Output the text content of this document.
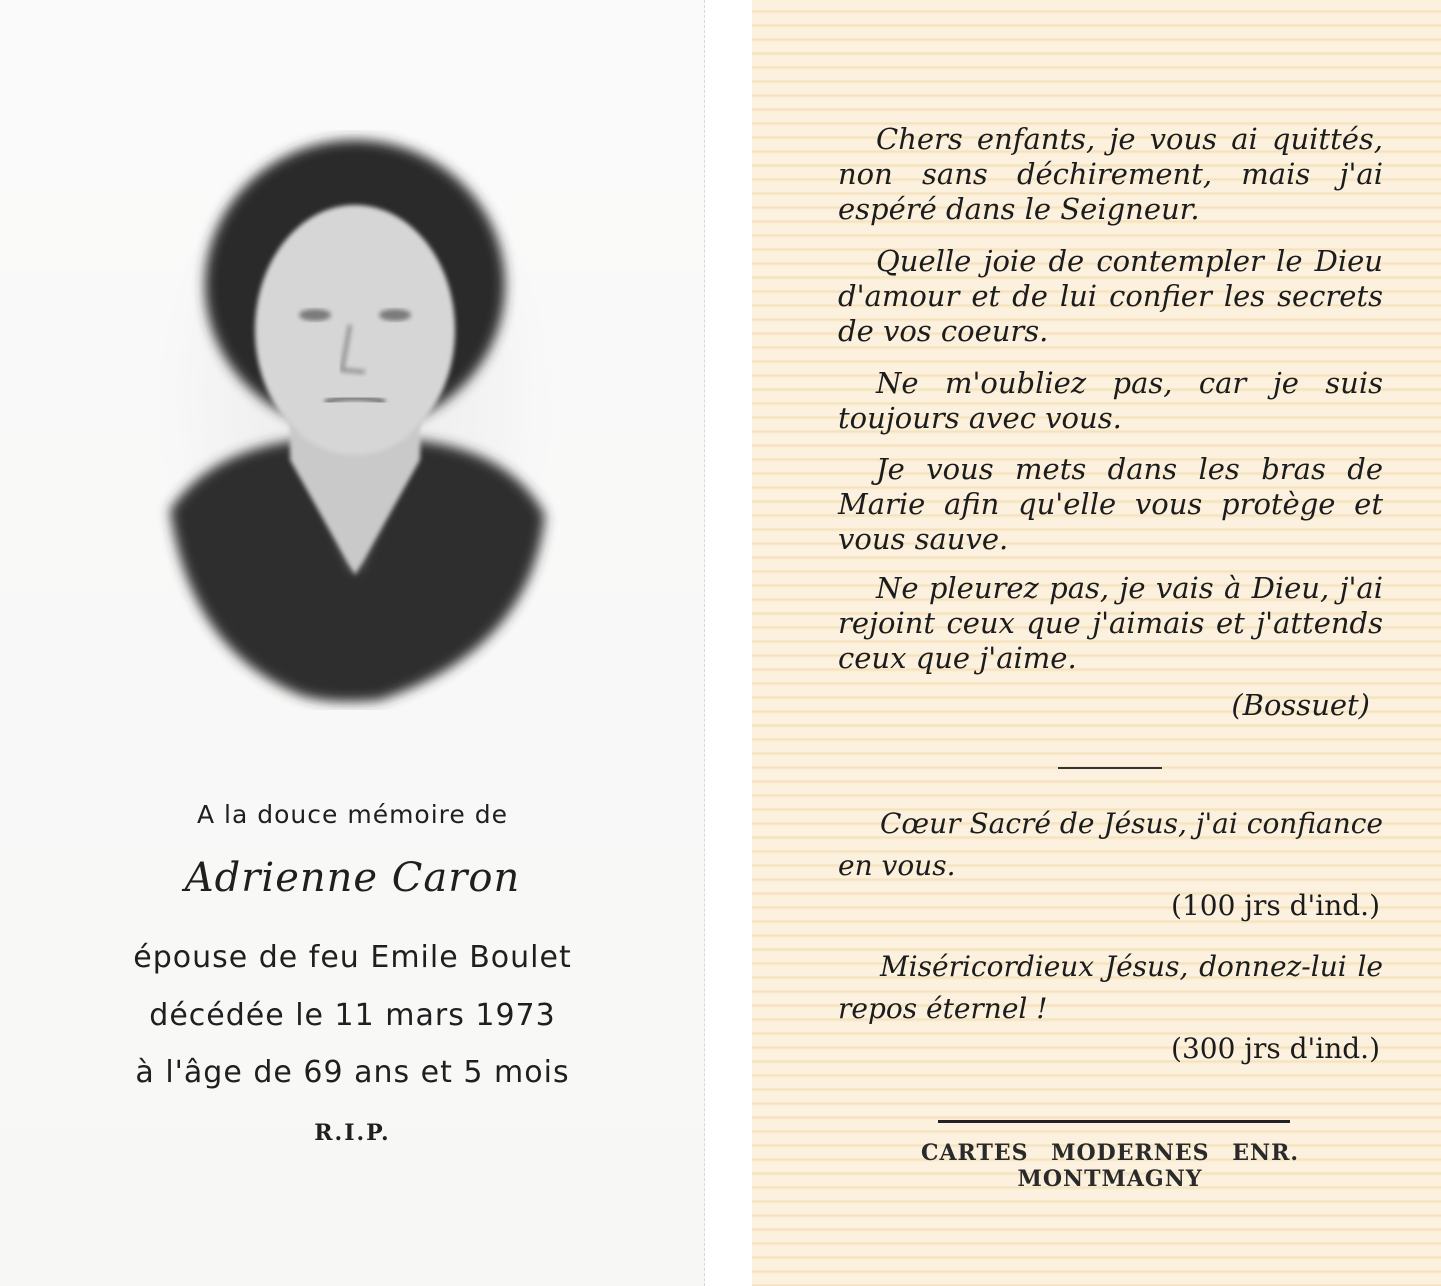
A la douce mémoire de
Adrienne Caron
épouse de feu Emile Boulet
décédée le 11 mars 1973
à l'âge de 69 ans et 5 mois
R.I.P.

Chers enfants, je vous ai quittés, non sans déchirement, mais j'ai espéré dans le Seigneur.

Quelle joie de contempler le Dieu d'amour et de lui confier les secrets de vos coeurs.

Ne m'oubliez pas, car je suis toujours avec vous.

Je vous mets dans les bras de Marie afin qu'elle vous protège et vous sauve.

Ne pleurez pas, je vais à Dieu, j'ai rejoint ceux que j'aimais et j'attends ceux que j'aime.

(Bossuet)

Cœur Sacré de Jésus, j'ai confiance en vous.

(100 jrs d'ind.)

Miséricordieux Jésus, donnez-lui le repos éternel !

(300 jrs d'ind.)
CARTES MODERNES ENR.
MONTMAGNY
